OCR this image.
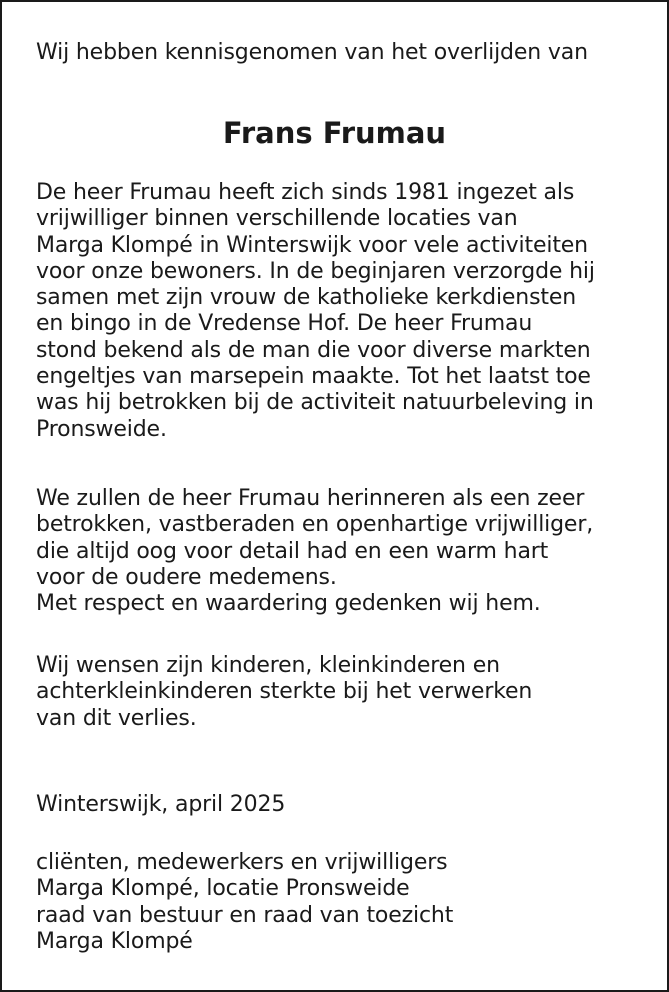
Wij hebben kennisgenomen van het overlijden van

Frans Frumau

De heer Frumau heeft zich sinds 1981 ingezet als
vrijwilliger binnen verschillende locaties van
Marga Klompé in Winterswijk voor vele activiteiten
voor onze bewoners. In de beginjaren verzorgde hij
samen met zijn vrouw de katholieke kerkdiensten
en bingo in de Vredense Hof. De heer Frumau
stond bekend als de man die voor diverse markten
engeltjes van marsepein maakte. Tot het laatst toe
was hij betrokken bij de activiteit natuurbeleving in
Pronsweide.

We zullen de heer Frumau herinneren als een zeer
betrokken, vastberaden en openhartige vrijwilliger,
die altijd oog voor detail had en een warm hart
voor de oudere medemens.
Met respect en waardering gedenken wij hem.

Wij wensen zijn kinderen, kleinkinderen en
achterkleinkinderen sterkte bij het verwerken
van dit verlies.

Winterswijk, april 2025

cliënten, medewerkers en vrijwilligers
Marga Klompé, locatie Pronsweide
raad van bestuur en raad van toezicht
Marga Klompé
